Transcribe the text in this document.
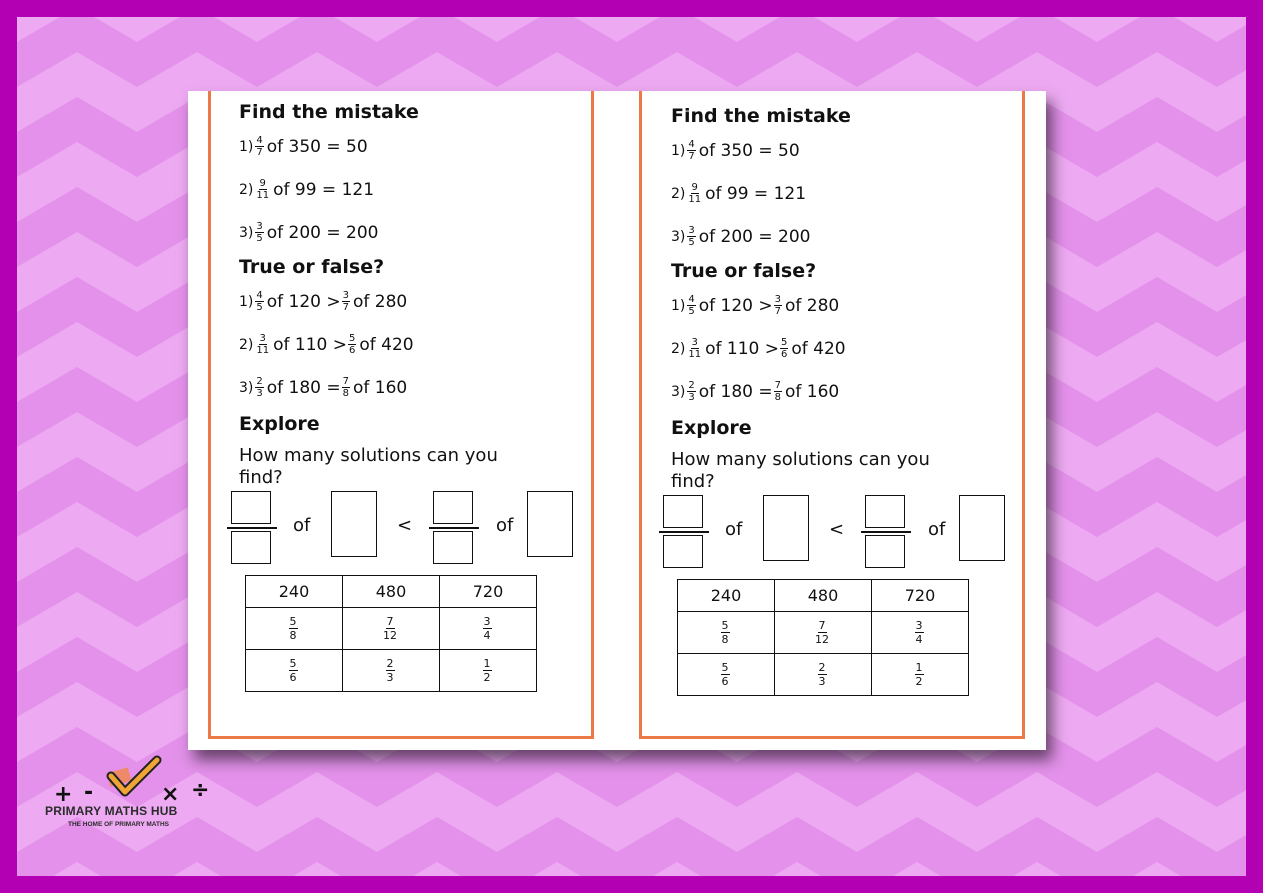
Find the mistake
$1) \frac{4}{7}$ of 350 = 50
$2) \frac{9}{11}$ of 99 = 121
$3) \frac{3}{5}$ of 200 = 200
True or false?
$1) \frac{4}{5}$ of $120 > \frac{3}{7}$ of 280
$2) \frac{3}{11}$ of $110 > \frac{5}{6}$ of 420
$3) \frac{2}{3}$ of $180 = \frac{7}{8}$ of 160
Explore
How many solutions can you find?
of	<	of
240	480	720

$\frac{5}{8}$	$\frac{7}{12}$	$\frac{3}{4}$

$\frac{5}{6}$	$\frac{2}{3}$	$\frac{1}{2}$
Find the mistake
$1) \frac{4}{7}$ of 350 = 50
$2) \frac{9}{11}$ of 99 = 121
$3) \frac{3}{5}$ of 200 = 200
True or false?
$1) \frac{4}{5}$ of $120 > \frac{3}{7}$ of 280
$2) \frac{3}{11}$ of $110 > \frac{5}{6}$ of 420
$3) \frac{2}{3}$ of $180 = \frac{7}{8}$ of 160
Explore
How many solutions can you find?
of	<	of
240	480	720

$\frac{5}{8}$	$\frac{7}{12}$	$\frac{3}{4}$

$\frac{5}{6}$	$\frac{2}{3}$	$\frac{1}{2}$
+ -	× ÷
PRIMARY MATHS HUB
THE HOME OF PRIMARY MATHS
